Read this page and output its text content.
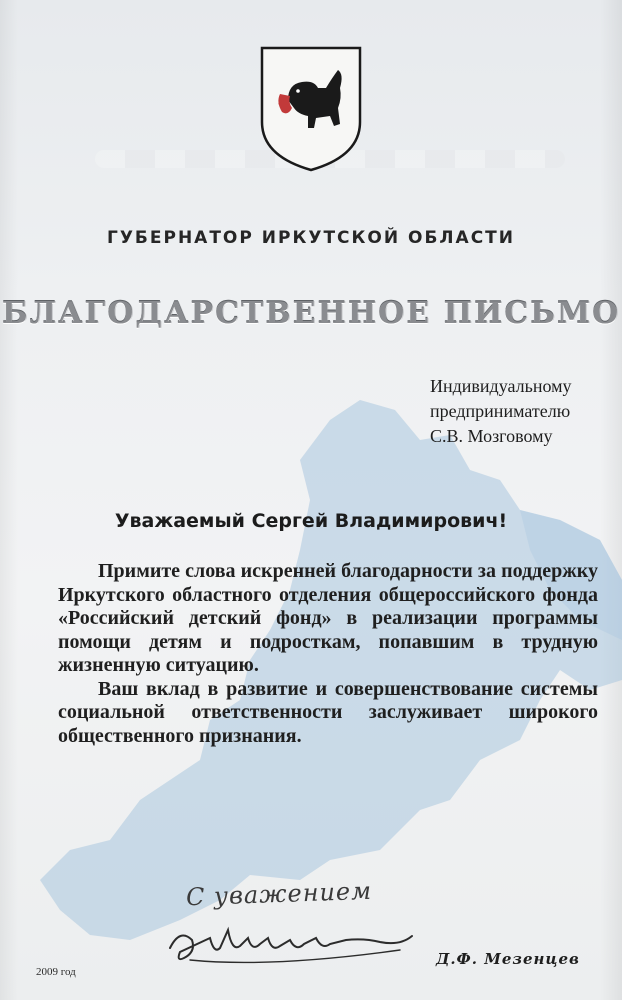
ГУБЕРНАТОР ИРКУТСКОЙ ОБЛАСТИ
БЛАГОДАРСТВЕННОЕ ПИСЬМО
Индивидуальному
предпринимателю
С.В. Мозговому
Уважаемый Сергей Владимирович!

Примите слова искренней благодарности за поддержку Иркутского областного отделения общероссийского фонда «Российский детский фонд» в реализации программы помощи детям и подросткам, попавшим в трудную жизненную ситуацию.

Ваш вклад в развитие и совершенствование системы социальной ответственности заслуживает широкого общественного признания.

С уважением
Д.Ф. Мезенцев
2009 год
